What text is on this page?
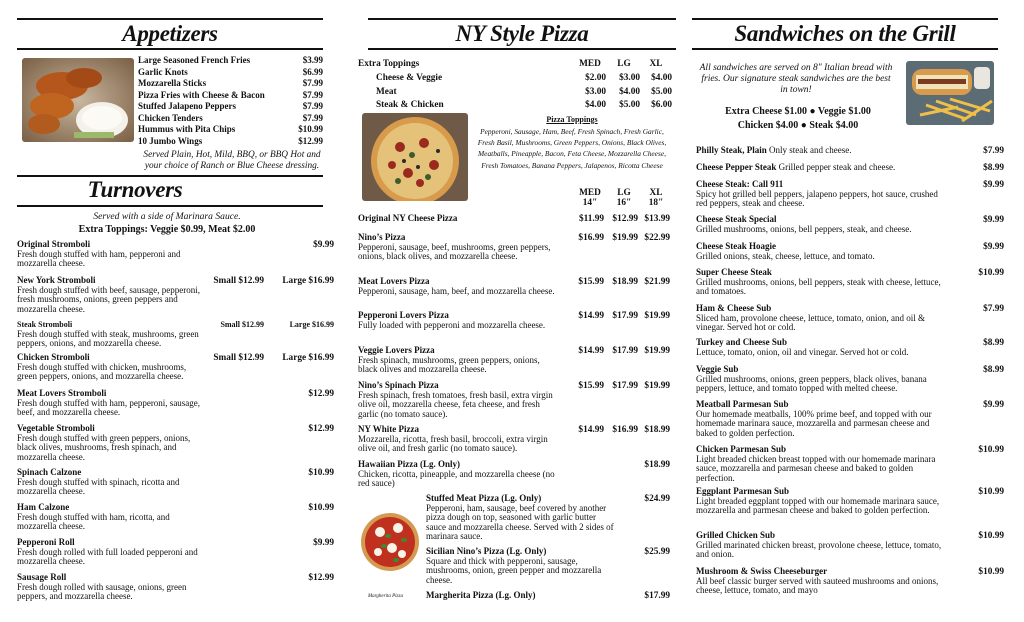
Appetizers
Large Seasoned French Fries	$3.99
Garlic Knots	$6.99
Mozzarella Sticks	$7.99
Pizza Fries with Cheese & Bacon	$7.99
Stuffed Jalapeno Peppers	$7.99
Chicken Tenders	$7.99
Hummus with Pita Chips	$10.99
10 Jumbo Wings	$12.99
Served Plain, Hot, Mild, BBQ, or BBQ Hot and your choice of Ranch or Blue Cheese dressing.
Turnovers
Served with a side of Marinara Sauce.
Extra Toppings: Veggie $0.99, Meat $2.00
Original Stromboli
Fresh dough stuffed with ham, pepperoni and mozzarella cheese.
$9.99
New York Stromboli
Fresh dough stuffed with beef, sausage, pepperoni, fresh mushrooms, onions, green peppers and mozzarella cheese.
Small $12.99	Large $16.99
Steak Stromboli
Fresh dough stuffed with steak, mushrooms, green peppers, onions, and mozzarella cheese.
Small $12.99	Large $16.99
Chicken Stromboli
Fresh dough stuffed with chicken, mushrooms, green peppers, onions, and mozzarella cheese.
Small $12.99	Large $16.99
Meat Lovers Stromboli
Fresh dough stuffed with ham, pepperoni, sausage, beef, and mozzarella cheese.
$12.99
Vegetable Stromboli
Fresh dough stuffed with green peppers, onions, black olives, mushrooms, fresh spinach, and mozzarella cheese.
$12.99
Spinach Calzone
Fresh dough stuffed with spinach, ricotta and mozzarella cheese.
$10.99
Ham Calzone
Fresh dough stuffed with ham, ricotta, and mozzarella cheese.
$10.99
Pepperoni Roll
Fresh dough rolled with full loaded pepperoni and mozzarella cheese.
$9.99
Sausage Roll
Fresh dough rolled with sausage, onions, green peppers, and mozzarella cheese.
$12.99
NY Style Pizza
Extra Toppings	MED	LG	XL
Cheese & Veggie	$2.00	$3.00	$4.00
Meat	$3.00	$4.00	$5.00
Steak & Chicken	$4.00	$5.00	$6.00
Pizza Toppings
Pepperoni, Sausage, Ham, Beef, Fresh Spinach, Fresh Garlic, Fresh Basil, Mushrooms, Green Peppers, Onions, Black Olives, Meatballs, Pineapple, Bacon, Feta Cheese, Mozzarella Cheese, Fresh Tomatoes, Banana Peppers, Jalapenos, Ricotta Cheese
MED
14"
LG
16"
XL
18"
Original NY Cheese Pizza	$11.99 $12.99 $13.99
Nino’s Pizza
Pepperoni, sausage, beef, mushrooms, green peppers, onions, black olives, and mozzarella cheese.
$16.99 $19.99 $22.99
Meat Lovers Pizza
Pepperoni, sausage, ham, beef, and mozzarella cheese.
$15.99 $18.99 $21.99
Pepperoni Lovers Pizza
Fully loaded with pepperoni and mozzarella cheese.
$14.99 $17.99 $19.99
Veggie Lovers Pizza
Fresh spinach, mushrooms, green peppers, onions, black olives and mozzarella cheese.
$14.99 $17.99 $19.99
Nino’s Spinach Pizza
Fresh spinach, fresh tomatoes, fresh basil, extra virgin olive oil, mozzarella cheese, feta cheese, and fresh garlic (no tomato sauce).
$15.99 $17.99 $19.99
NY White Pizza
Mozzarella, ricotta, fresh basil, broccoli, extra virgin olive oil, and fresh garlic (no tomato sauce).
$14.99 $16.99 $18.99
Hawaiian Pizza (Lg. Only)
Chicken, ricotta, pineapple, and mozzarella cheese (no red sauce)
$18.99
Margherita Pizza
Stuffed Meat Pizza (Lg. Only)
Pepperoni, ham, sausage, beef covered by another pizza dough on top, seasoned with garlic butter sauce and mozzarella cheese. Served with 2 sides of marinara sauce.
$24.99
Sicilian Nino’s Pizza (Lg. Only)
Square and thick with pepperoni, sausage, mushrooms, onion, green pepper and mozzarella cheese.
$25.99
Margherita Pizza (Lg. Only)	$17.99
Sandwiches on the Grill
All sandwiches are served on 8" Italian bread with fries. Our signature steak sandwiches are the best in town!
Extra Cheese $1.00 ● Veggie $1.00
Chicken $4.00 ● Steak $4.00
Philly Steak, Plain Only steak and cheese.	$7.99
Cheese Pepper Steak Grilled pepper steak and cheese.	$8.99
Cheese Steak: Call 911
Spicy hot grilled bell peppers, jalapeno peppers, hot sauce, crushed red peppers, steak and cheese.
$9.99
Cheese Steak Special
Grilled mushrooms, onions, bell peppers, steak, and cheese.
$9.99
Cheese Steak Hoagie
Grilled onions, steak, cheese, lettuce, and tomato.
$9.99
Super Cheese Steak
Grilled mushrooms, onions, bell peppers, steak with cheese, lettuce, and tomatoes.
$10.99
Ham & Cheese Sub
Sliced ham, provolone cheese, lettuce, tomato, onion, and oil & vinegar. Served hot or cold.
$7.99
Turkey and Cheese Sub
Lettuce, tomato, onion, oil and vinegar. Served hot or cold.
$8.99
Veggie Sub
Grilled mushrooms, onions, green peppers, black olives, banana peppers, lettuce, and tomato topped with melted cheese.
$8.99
Meatball Parmesan Sub
Our homemade meatballs, 100% prime beef, and topped with our homemade marinara sauce, mozzarella and parmesan cheese and baked to golden perfection.
$9.99
Chicken Parmesan Sub
Light breaded chicken breast topped with our homemade marinara sauce, mozzarella and parmesan cheese and baked to golden perfection.
$10.99
Eggplant Parmesan Sub
Light breaded eggplant topped with our homemade marinara sauce, mozzarella and parmesan cheese and baked to golden perfection.
$10.99
Grilled Chicken Sub
Grilled marinated chicken breast, provolone cheese, lettuce, tomato, and onion.
$10.99
Mushroom & Swiss Cheeseburger
All beef classic burger served with sauteed mushrooms and onions, cheese, lettuce, tomato, and mayo
$10.99
